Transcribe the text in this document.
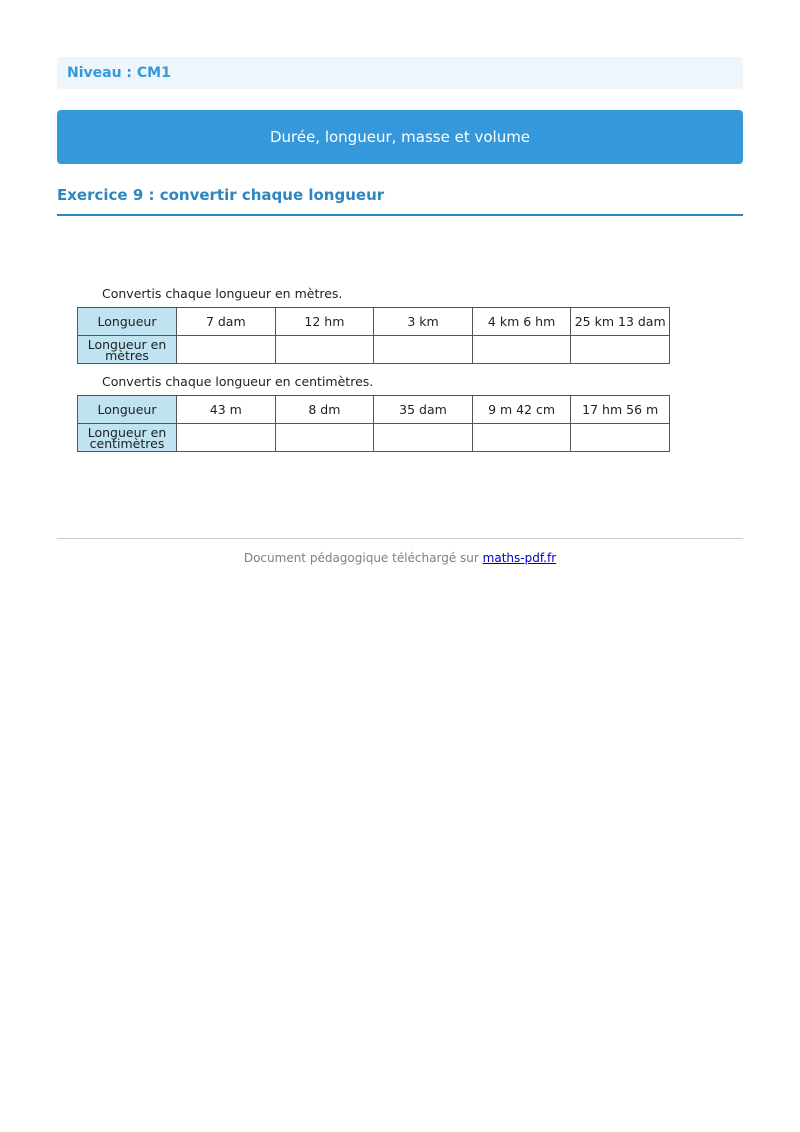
Niveau : CM1
Durée, longueur, masse et volume
Exercice 9 : convertir chaque longueur
Convertis chaque longueur en mètres.
Longueur	7 dam	12 hm	3 km	4 km 6 hm	25 km 13 dam
Longueur en
mètres					
Convertis chaque longueur en centimètres.
Longueur	43 m	8 dm	35 dam	9 m 42 cm	17 hm 56 m
Longueur en
centimètres					
Document pédagogique téléchargé sur maths-pdf.fr
